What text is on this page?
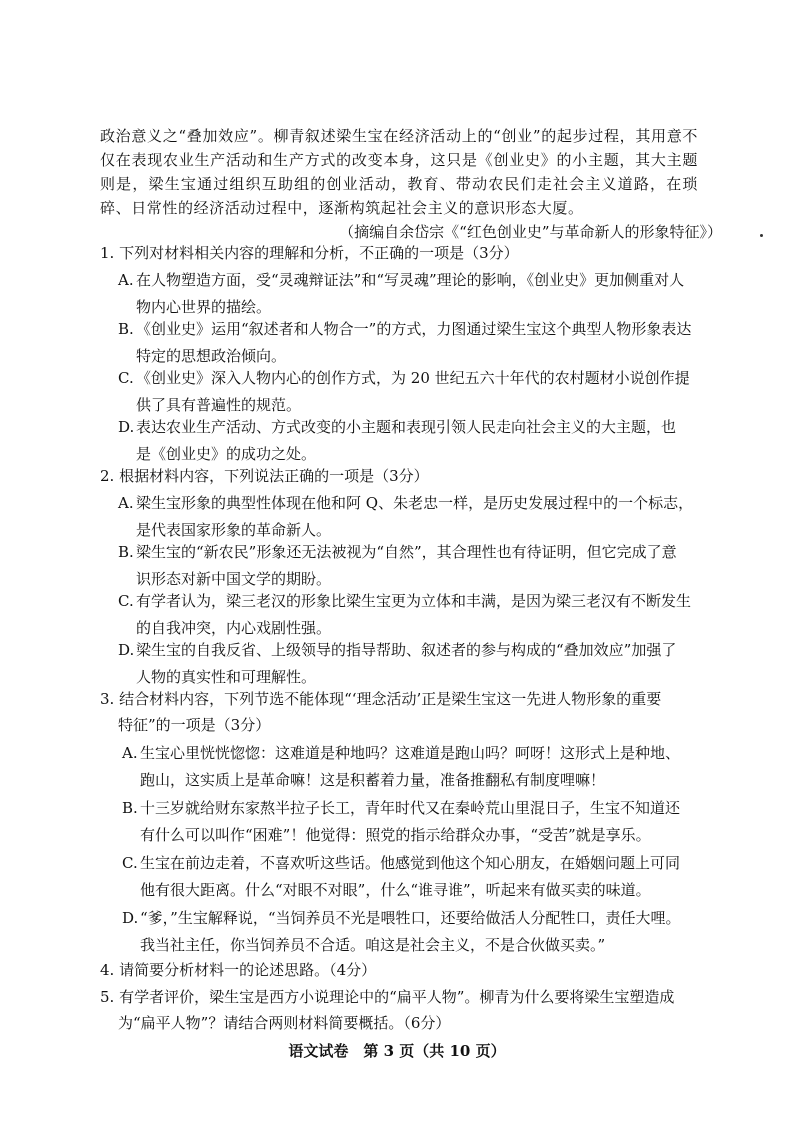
政治意义之“叠加效应”。柳青叙述梁生宝在经济活动上的“创业”的起步过程，其用意不仅在表现农业生产活动和生产方式的改变本身，这只是《创业史》的小主题，其大主题则是，梁生宝通过组织互助组的创业活动，教育、带动农民们走社会主义道路，在琐碎、日常性的经济活动过程中，逐渐构筑起社会主义的意识形态大厦。

（摘编自余岱宗《“红色创业史”与革命新人的形象特征》）

1. 下列对材料相关内容的理解和分析，不正确的一项是（3分）

A. 在人物塑造方面，受“灵魂辩证法”和“写灵魂”理论的影响，《创业史》更加侧重对人
物内心世界的描绘。
B. 《创业史》运用“叙述者和人物合一”的方式，力图通过梁生宝这个典型人物形象表达
特定的思想政治倾向。
C. 《创业史》深入人物内心的创作方式，为 20 世纪五六十年代的农村题材小说创作提
供了具有普遍性的规范。
D. 表达农业生产活动、方式改变的小主题和表现引领人民走向社会主义的大主题，也
是《创业史》的成功之处。

2. 根据材料内容，下列说法正确的一项是（3分）

A. 梁生宝形象的典型性体现在他和阿 Q、朱老忠一样，是历史发展过程中的一个标志，
是代表国家形象的革命新人。
B. 梁生宝的“新农民”形象还无法被视为“自然”，其合理性也有待证明，但它完成了意
识形态对新中国文学的期盼。
C. 有学者认为，梁三老汉的形象比梁生宝更为立体和丰满，是因为梁三老汉有不断发生
的自我冲突，内心戏剧性强。
D. 梁生宝的自我反省、上级领导的指导帮助、叙述者的参与构成的“叠加效应”加强了
人物的真实性和可理解性。
3. 结合材料内容，下列节选不能体现“‘理念活动’正是梁生宝这一先进人物形象的重要
特征”的一项是（3分）
A. 生宝心里恍恍惚惚：这难道是种地吗？这难道是跑山吗？呵呀！这形式上是种地、
跑山，这实质上是革命嘛！这是积蓄着力量，准备推翻私有制度哩嘛！
B. 十三岁就给财东家熬半拉子长工，青年时代又在秦岭荒山里混日子，生宝不知道还
有什么可以叫作“困难”！他觉得：照党的指示给群众办事，“受苦”就是享乐。
C. 生宝在前边走着，不喜欢听这些话。他感觉到他这个知心朋友，在婚姻问题上可同
他有很大距离。什么“对眼不对眼”，什么“谁寻谁”，听起来有做买卖的味道。
D. “爹，”生宝解释说，“当饲养员不光是喂牲口，还要给做活人分配牲口，责任大哩。
我当社主任，你当饲养员不合适。咱这是社会主义，不是合伙做买卖。”

4. 请简要分析材料一的论述思路。（4分）

5. 有学者评价，梁生宝是西方小说理论中的“扁平人物”。柳青为什么要将梁生宝塑造成
为“扁平人物”？请结合两则材料简要概括。（6分）

语文试卷　第 3 页（共 10 页）
